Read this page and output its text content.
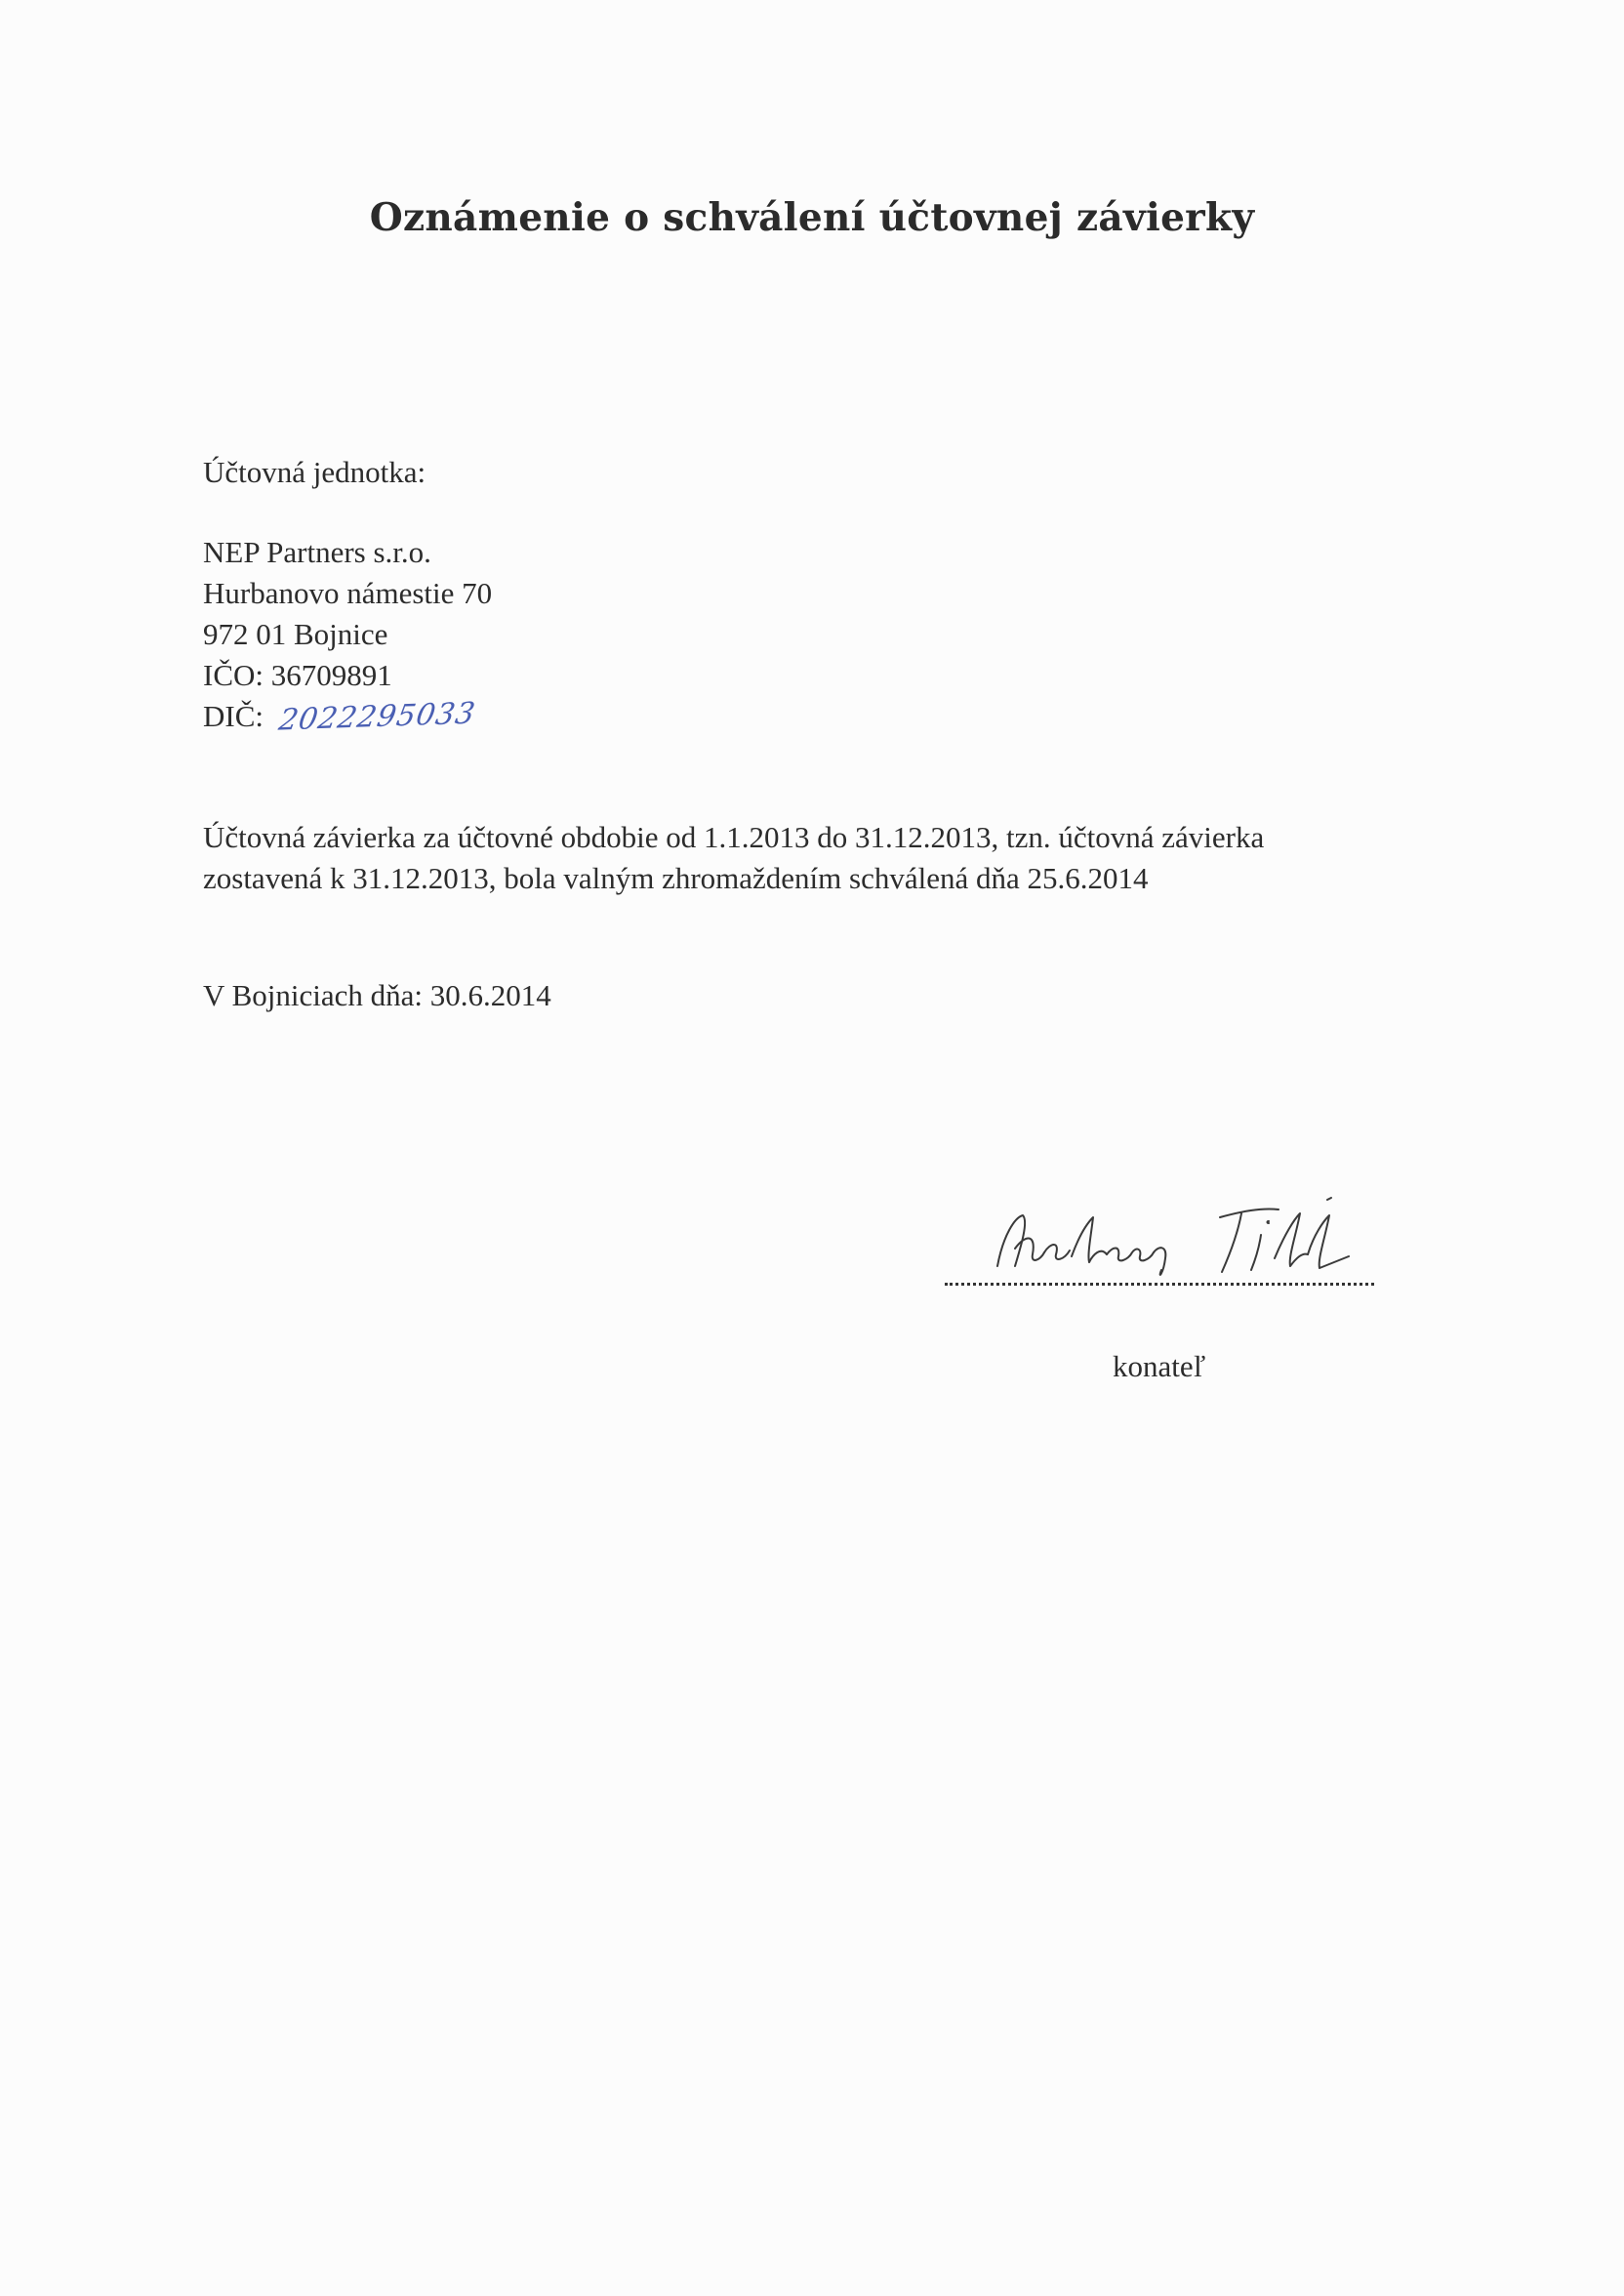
Oznámenie o schválení účtovnej závierky
Účtovná jednotka:
NEP Partners s.r.o.
Hurbanovo námestie 70
972 01 Bojnice
IČO: 36709891
DIČ: 2022295033
Účtovná závierka za účtovné obdobie od 1.1.2013 do 31.12.2013, tzn. účtovná závierka
zostavená k 31.12.2013, bola valným zhromaždením schválená dňa 25.6.2014
V Bojniciach dňa: 30.6.2014
konateľ
